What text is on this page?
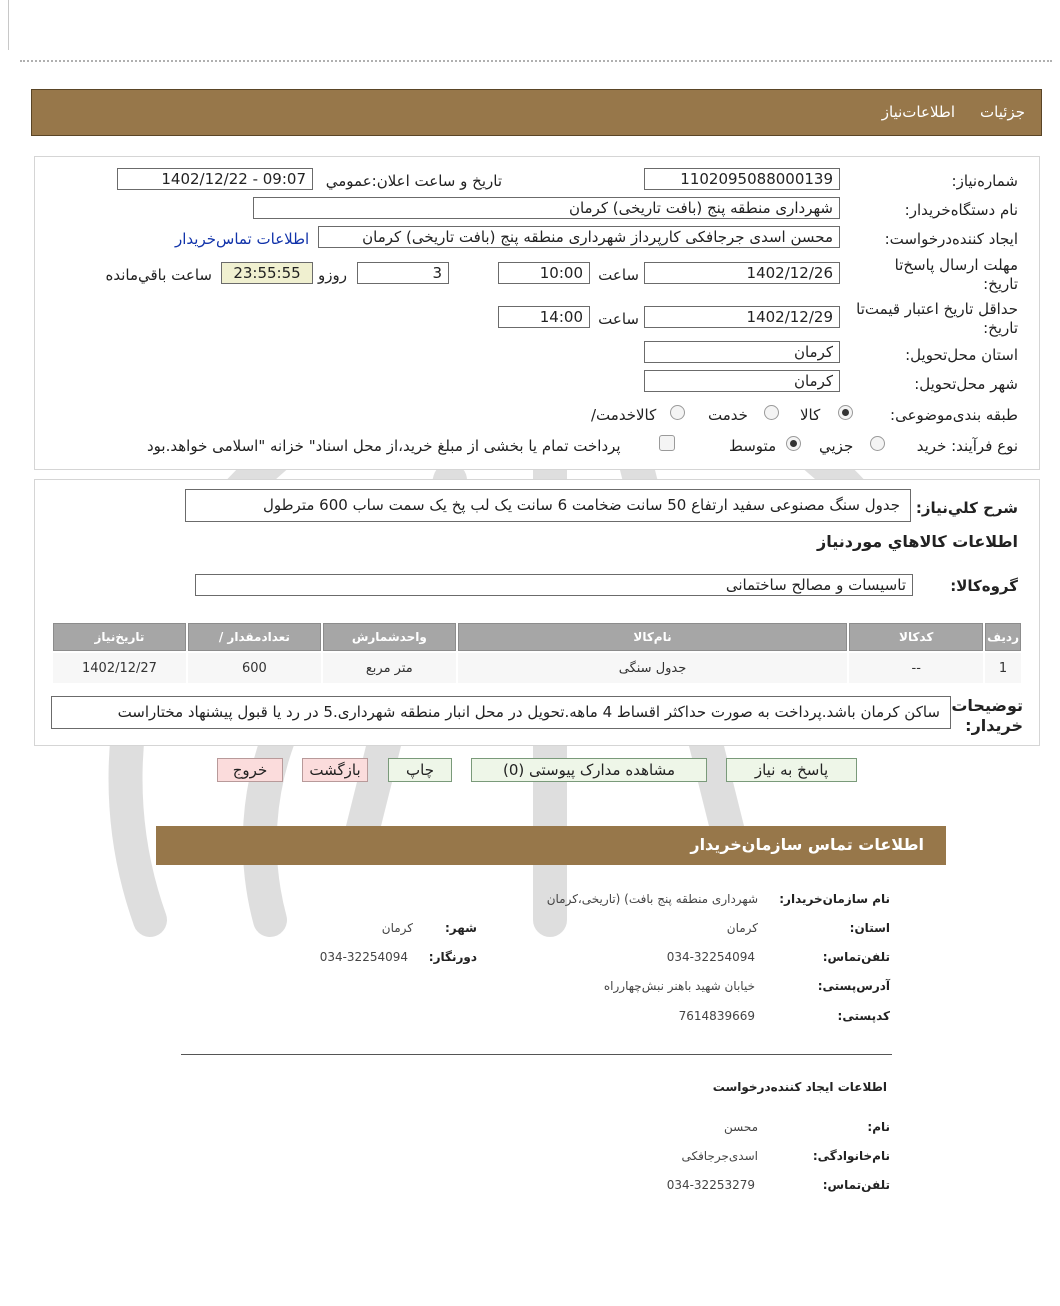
جزئیات
اطلاعات‌نیاز
شماره‌نیاز:
1102095088000139
تاريخ و ساعت اعلان:عمومي
1402/12/22 - 09:07
نام دستگاه‌خريدار:
شهرداری منطقه پنج (بافت تاریخی) کرمان
ايجاد کننده‌درخواست:
محسن اسدی جرجافکی کارپرداز شهرداری منطقه پنج (بافت تاریخی) کرمان
اطلاعات تماس‌خريدار
مهلت ارسال پاسخ‌تا
تاريخ:
1402/12/26
ساعت
10:00
3
روزو
23:55:55
ساعت باقي‌مانده
حداقل تاريخ اعتبار قيمت‌تا
تاريخ:
1402/12/29
ساعت
14:00
استان محل‌تحويل:
کرمان
شهر محل‌تحويل:
کرمان
طبقه بندی‌موضوعی:
کالا
خدمت
کالا‌خدمت/
نوع فرآيند: خريد
جزيي
متوسط
پرداخت تمام يا بخشی از مبلغ خريد،از محل اسناد" خزانه "اسلامی خواهد.بود
شرح کلي‌نیاز:
جدول سنگ مصنوعی سفید ارتفاع 50 سانت ضخامت 6 سانت یک لب پخ یک سمت ساب 600 مترطول
اطلاعات کالاهاي موردنياز
گروه‌کالا:
تاسیسات و مصالح ساختمانی
رديف	کدکالا	نام‌کالا	واحدشمارش	تعدادمقدار /	تاريخ‌نیاز
1	--	جدول سنگی	متر مربع	600	1402/12/27
توضيحات
خريدار:
ساکن کرمان باشد.پرداخت به صورت حداکثر اقساط 4 ماهه.تحویل در محل انبار منطقه شهرداری.5 در رد یا قبول پیشنهاد مختاراست
پاسخ به نياز
مشاهده مدارک پيوستی (0)
چاپ
بازگشت
خروج
اطلاعات تماس سازمان‌خريدار
نام سازمان‌خريدار:
شهرداری منطقه پنج بافت) (تاریخی،کرمان
استان:
کرمان
شهر:
کرمان
تلفن‌تماس:
034-32254094
دورنگار:
034-32254094
آدرس‌پستی:
خیابان شهید باهنر نبش‌چهارراه
کدپستی:
7614839669
اطلاعات ايجاد کننده‌درخواست
نام:
محسن
نام‌خانوادگی:
اسدی‌جرجافکی
تلفن‌تماس:
034-32253279
